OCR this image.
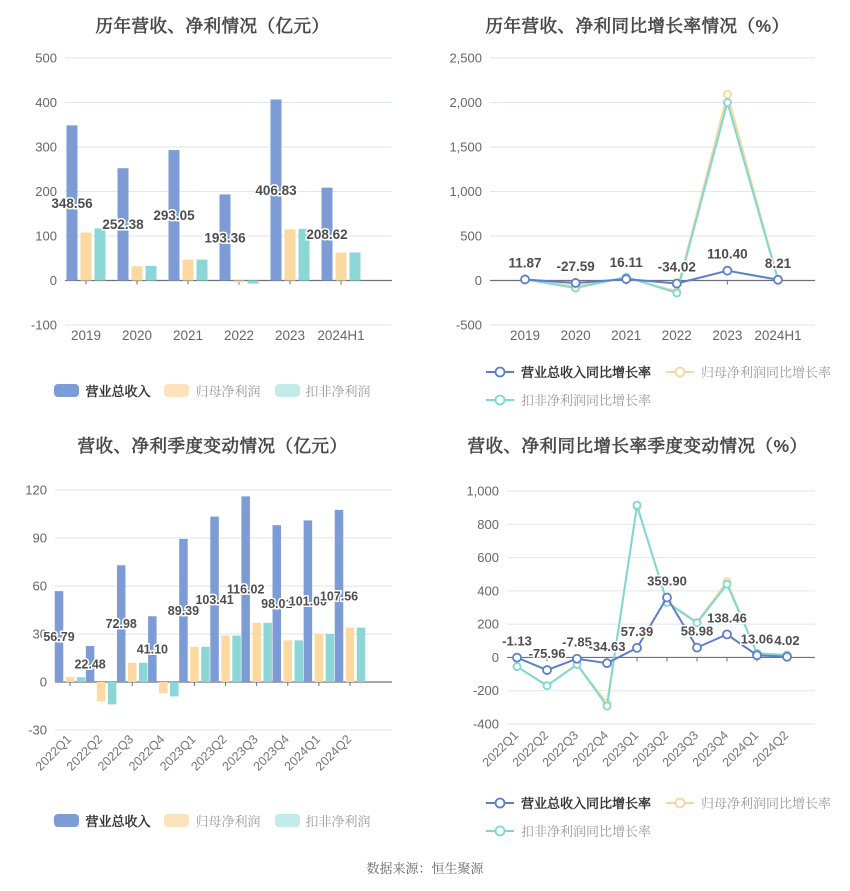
历年营收、净利情况（亿元）
500
400
300
200
100
0
-100
2019 2020 2021 2022 2023 2024H1
348.56
252.38
293.05
193.36
406.83
208.62
营业总收入	归母净利润	扣非净利润
历年营收、净利同比增长率情况（%）
2,500
2,000
1,500
1,000
500
0
-500
2019 2020 2021 2022 2023 2024H1
11.87 -27.59 16.11 -34.02
110.40
8.21
营业总收入同比增长率	归母净利润同比增长率
扣非净利润同比增长率
营收、净利季度变动情况（亿元）
120
90
60
30
0
-30
2022Q1
2022Q2
2022Q3
2022Q4
2023Q1
2023Q2
2023Q3
2023Q4
2024Q1
2024Q2
56.79
22.48
72.98
41.10
89.39
103.41
116.02
98.01
101.00
107.56
营业总收入	归母净利润	扣非净利润
营收、净利同比增长率季度变动情况（%）
1,000
800
600
400
200
0
-200
-400
2022Q1
2022Q2
2022Q3
2022Q4
2023Q1
2023Q2
2023Q3
2023Q4
2024Q1
2024Q2
-1.13
-75.96
-7.85
-34.63
57.39
359.90
58.98
138.46
13.06 4.02
营业总收入同比增长率	归母净利润同比增长率
扣非净利润同比增长率
数据来源：恒生聚源
